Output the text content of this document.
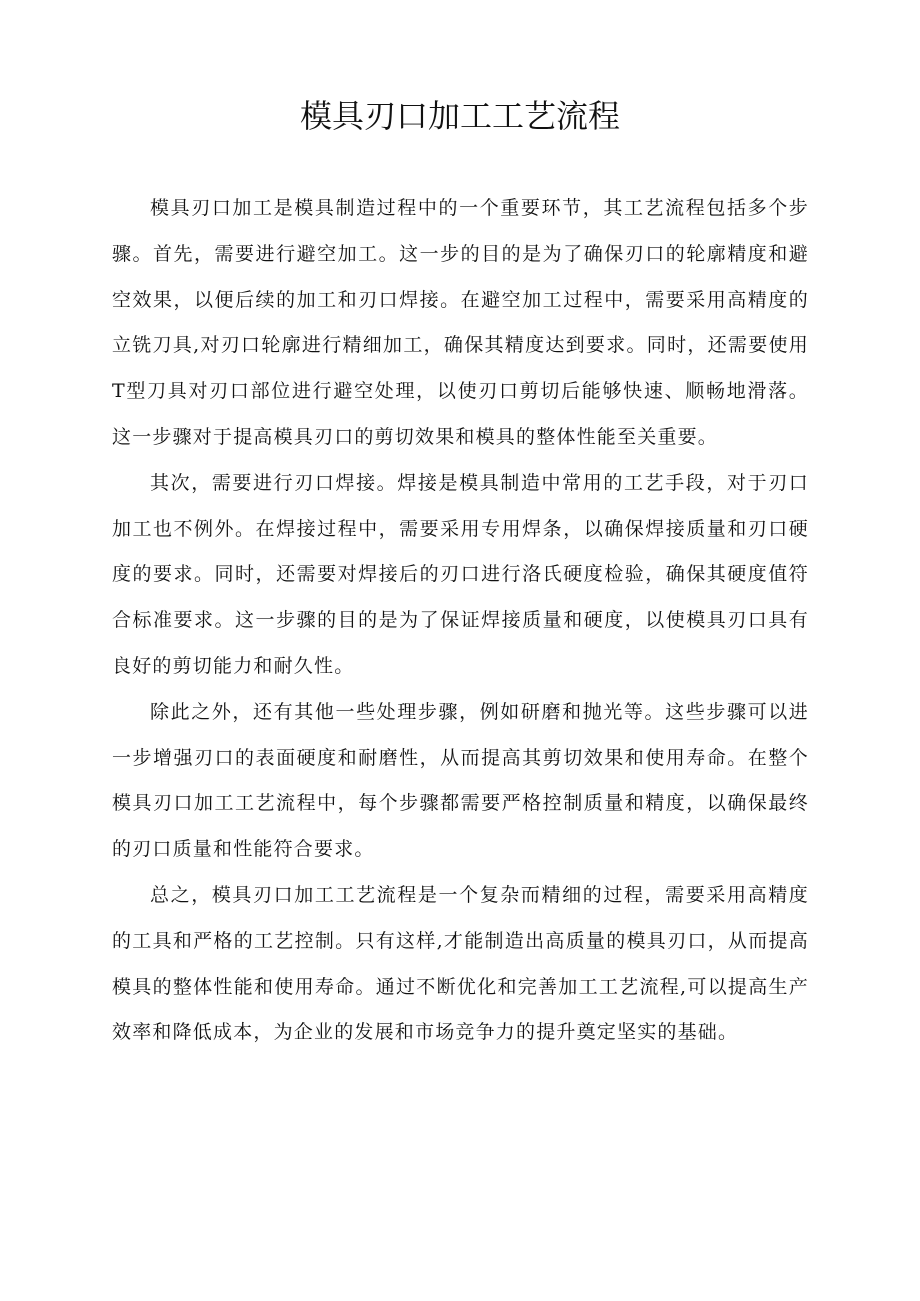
模具刃口加工工艺流程

模具刃口加工是模具制造过程中的一个重要环节，其工艺流程包括多个步骤。首先，需要进行避空加工。这一步的目的是为了确保刃口的轮廓精度和避空效果，以便后续的加工和刃口焊接。在避空加工过程中，需要采用高精度的立铣刀具,对刃口轮廓进行精细加工，确保其精度达到要求。同时，还需要使用T型刀具对刃口部位进行避空处理，以使刃口剪切后能够快速、顺畅地滑落。这一步骤对于提高模具刃口的剪切效果和模具的整体性能至关重要。

其次，需要进行刃口焊接。焊接是模具制造中常用的工艺手段，对于刃口加工也不例外。在焊接过程中，需要采用专用焊条，以确保焊接质量和刃口硬度的要求。同时，还需要对焊接后的刃口进行洛氏硬度检验，确保其硬度值符合标准要求。这一步骤的目的是为了保证焊接质量和硬度，以使模具刃口具有良好的剪切能力和耐久性。

除此之外，还有其他一些处理步骤，例如研磨和抛光等。这些步骤可以进一步增强刃口的表面硬度和耐磨性，从而提高其剪切效果和使用寿命。在整个模具刃口加工工艺流程中，每个步骤都需要严格控制质量和精度，以确保最终的刃口质量和性能符合要求。

总之，模具刃口加工工艺流程是一个复杂而精细的过程，需要采用高精度的工具和严格的工艺控制。只有这样,才能制造出高质量的模具刃口，从而提高模具的整体性能和使用寿命。通过不断优化和完善加工工艺流程,可以提高生产效率和降低成本，为企业的发展和市场竞争力的提升奠定坚实的基础。
